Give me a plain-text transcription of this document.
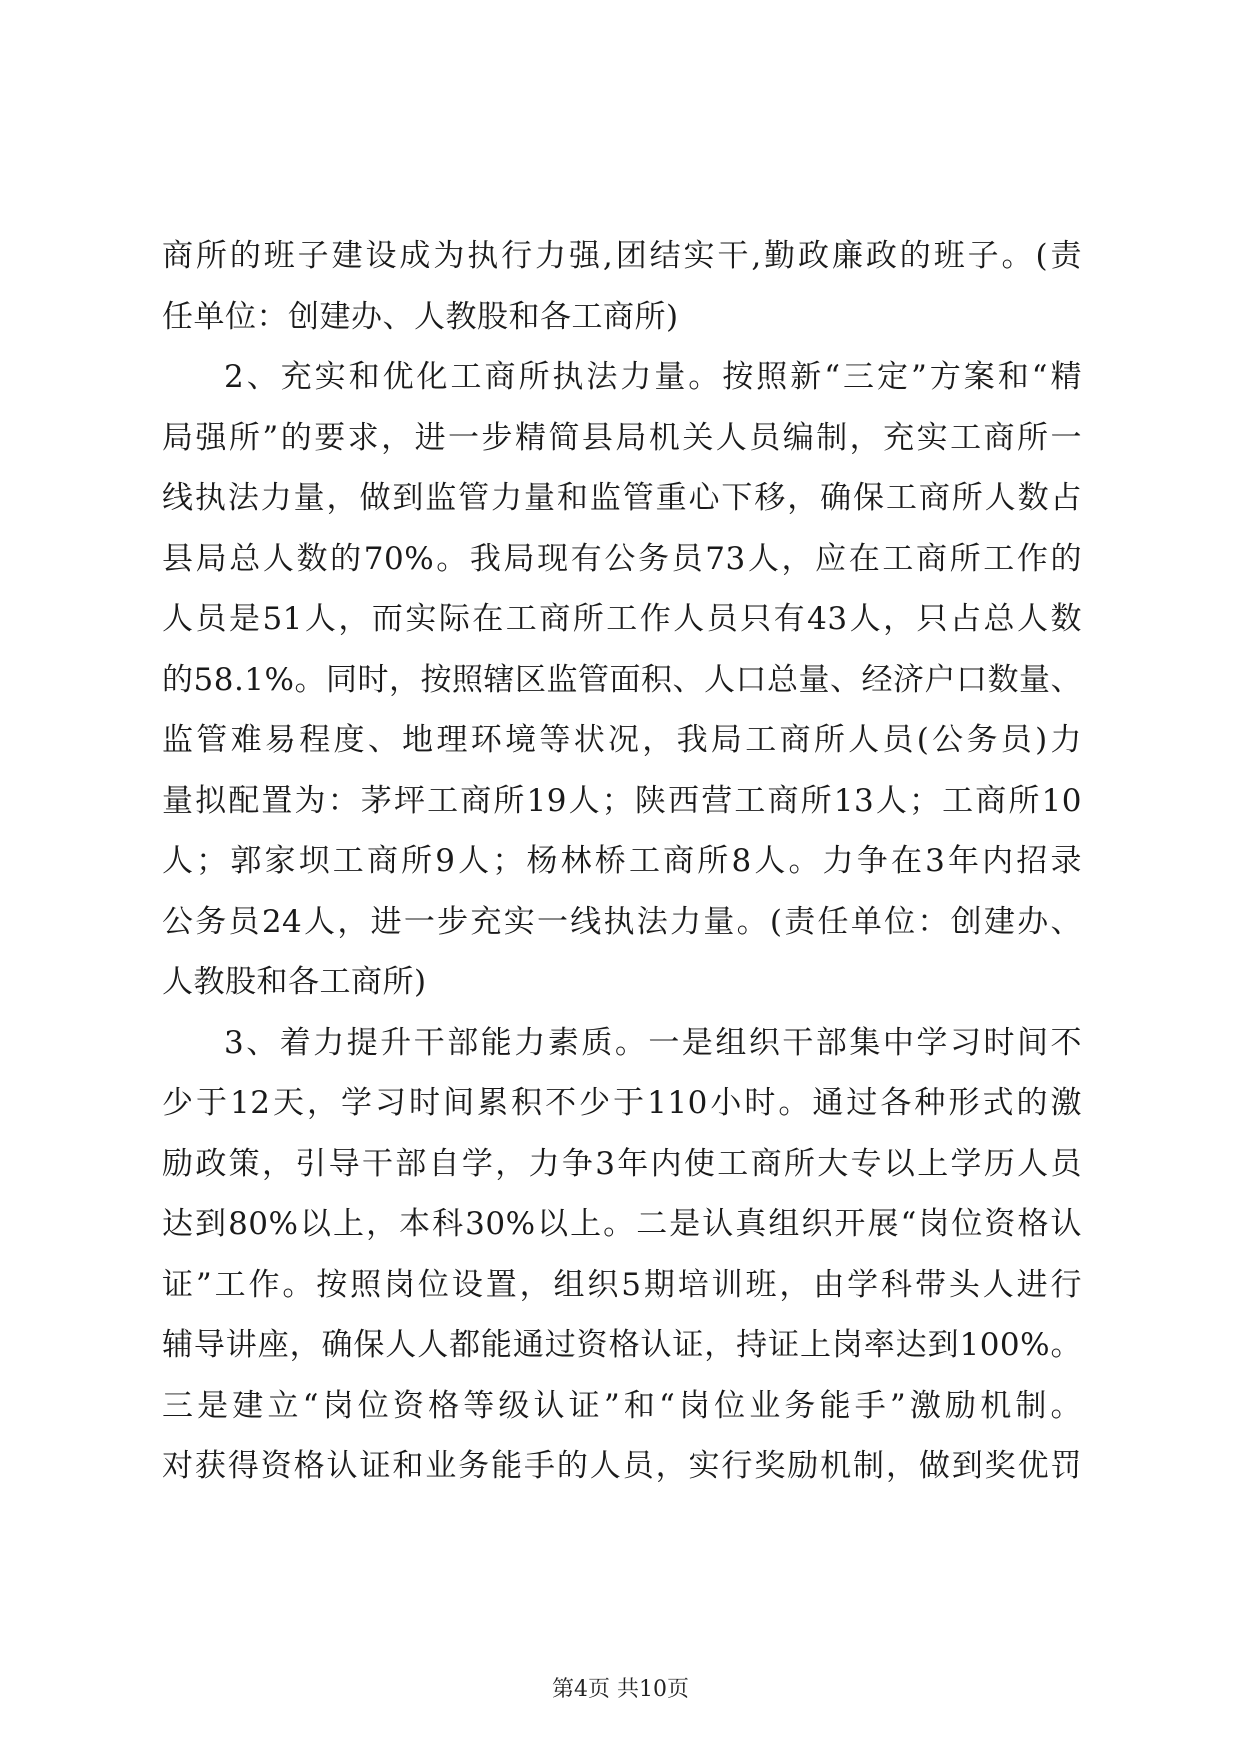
商所的班子建设成为执行力强,团结实干,勤政廉政的班子。(责
任单位：创建办、人教股和各工商所)
2、充实和优化工商所执法力量。按照新“三定”方案和“精
局强所”的要求，进一步精简县局机关人员编制，充实工商所一
线执法力量，做到监管力量和监管重心下移，确保工商所人数占
县局总人数的70%。我局现有公务员73人，应在工商所工作的
人员是51人，而实际在工商所工作人员只有43人，只占总人数
的58.1%。同时，按照辖区监管面积、人口总量、经济户口数量、
监管难易程度、地理环境等状况，我局工商所人员(公务员)力
量拟配置为：茅坪工商所19人；陕西营工商所13人；工商所10
人；郭家坝工商所9人；杨林桥工商所8人。力争在3年内招录
公务员24人，进一步充实一线执法力量。(责任单位：创建办、
人教股和各工商所)
3、着力提升干部能力素质。一是组织干部集中学习时间不
少于12天，学习时间累积不少于110小时。通过各种形式的激
励政策，引导干部自学，力争3年内使工商所大专以上学历人员
达到80%以上，本科30%以上。二是认真组织开展“岗位资格认
证”工作。按照岗位设置，组织5期培训班，由学科带头人进行
辅导讲座，确保人人都能通过资格认证，持证上岗率达到100%。
三是建立“岗位资格等级认证”和“岗位业务能手”激励机制。
对获得资格认证和业务能手的人员，实行奖励机制，做到奖优罚
第4页 共10页
